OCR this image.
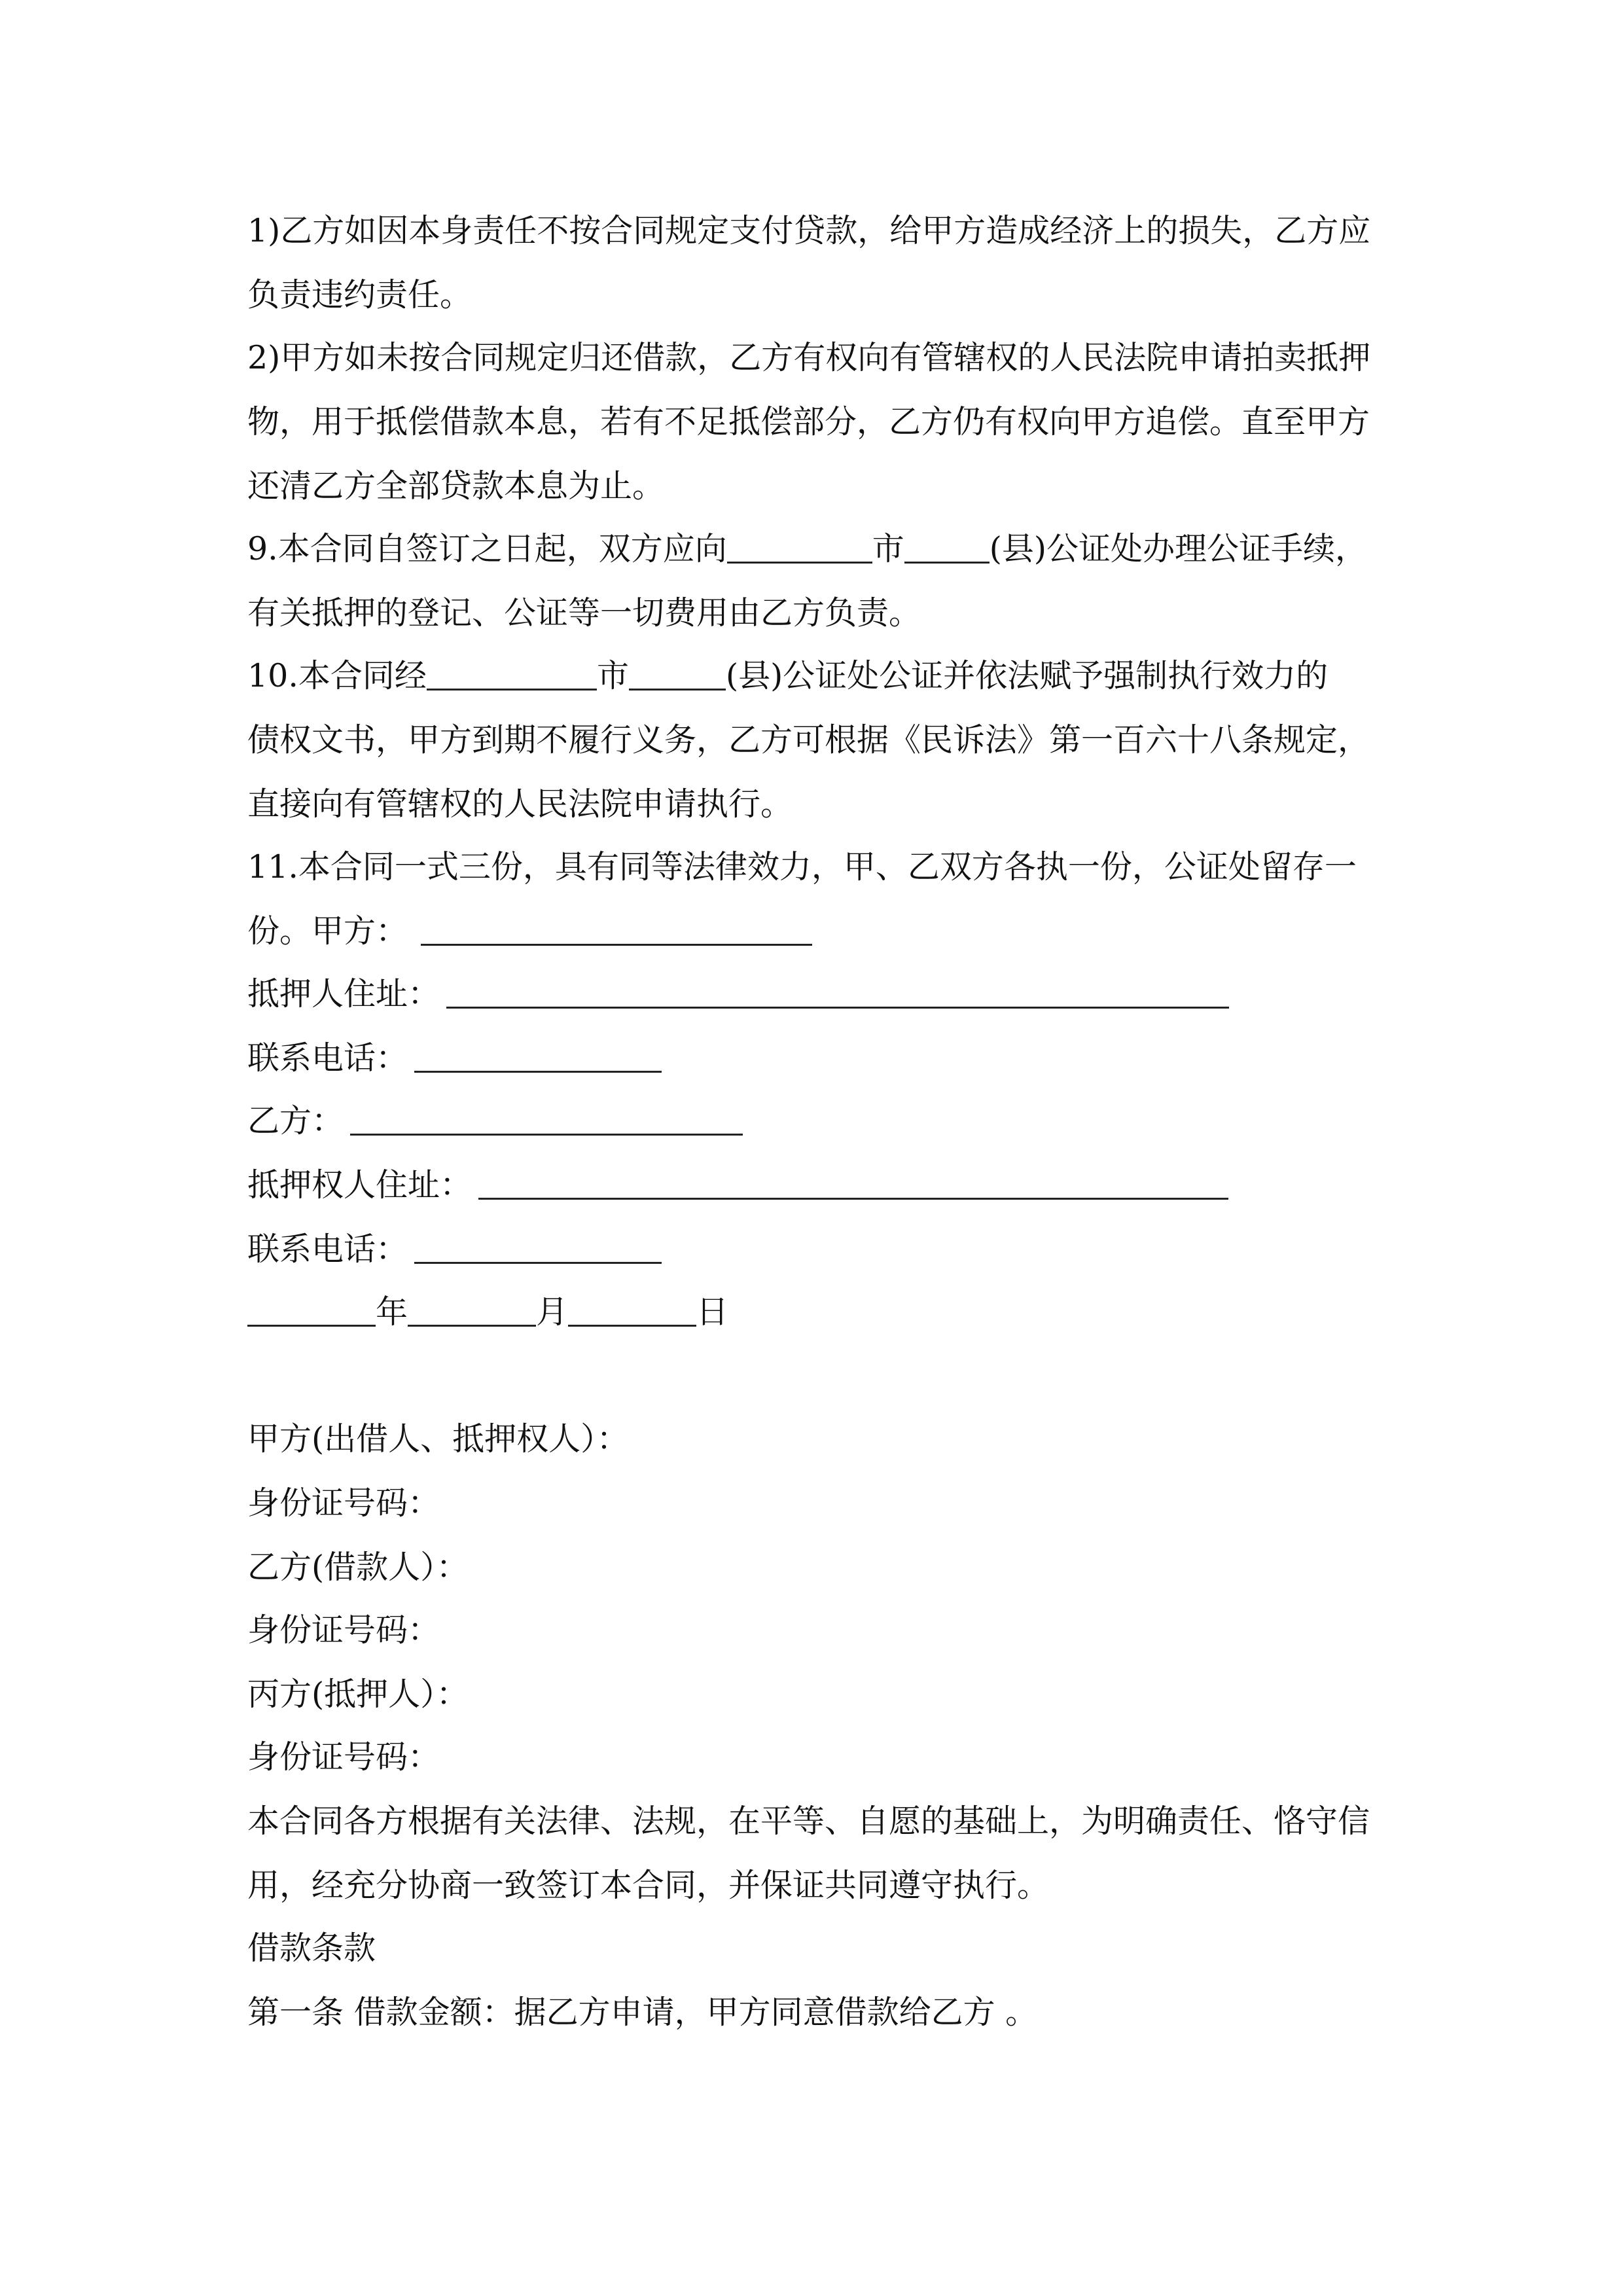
1)乙方如因本身责任不按合同规定支付贷款，给甲方造成经济上的损失，乙方应
负责违约责任。
2)甲方如未按合同规定归还借款，乙方有权向有管辖权的人民法院申请拍卖抵押
物，用于抵偿借款本息，若有不足抵偿部分，乙方仍有权向甲方追偿。直至甲方
还清乙方全部贷款本息为止。
9.本合同自签订之日起，双方应向	市	(县)公证处办理公证手续，
有关抵押的登记、公证等一切费用由乙方负责。
10.本合同经	市	(县)公证处公证并依法赋予强制执行效力的
债权文书，甲方到期不履行义务，乙方可根据《民诉法》第一百六十八条规定，
直接向有管辖权的人民法院申请执行。
11.本合同一式三份，具有同等法律效力，甲、乙双方各执一份，公证处留存一
份。甲方：
抵押人住址：
联系电话：
乙方：
抵押权人住址：
联系电话：
年	月	日
甲方(出借人、抵押权人）：
身份证号码：
乙方(借款人）：
身份证号码：
丙方(抵押人）：
身份证号码：
本合同各方根据有关法律、法规，在平等、自愿的基础上，为明确责任、恪守信
用，经充分协商一致签订本合同，并保证共同遵守执行。
借款条款
第一条 借款金额：据乙方申请，甲方同意借款给乙方 。
